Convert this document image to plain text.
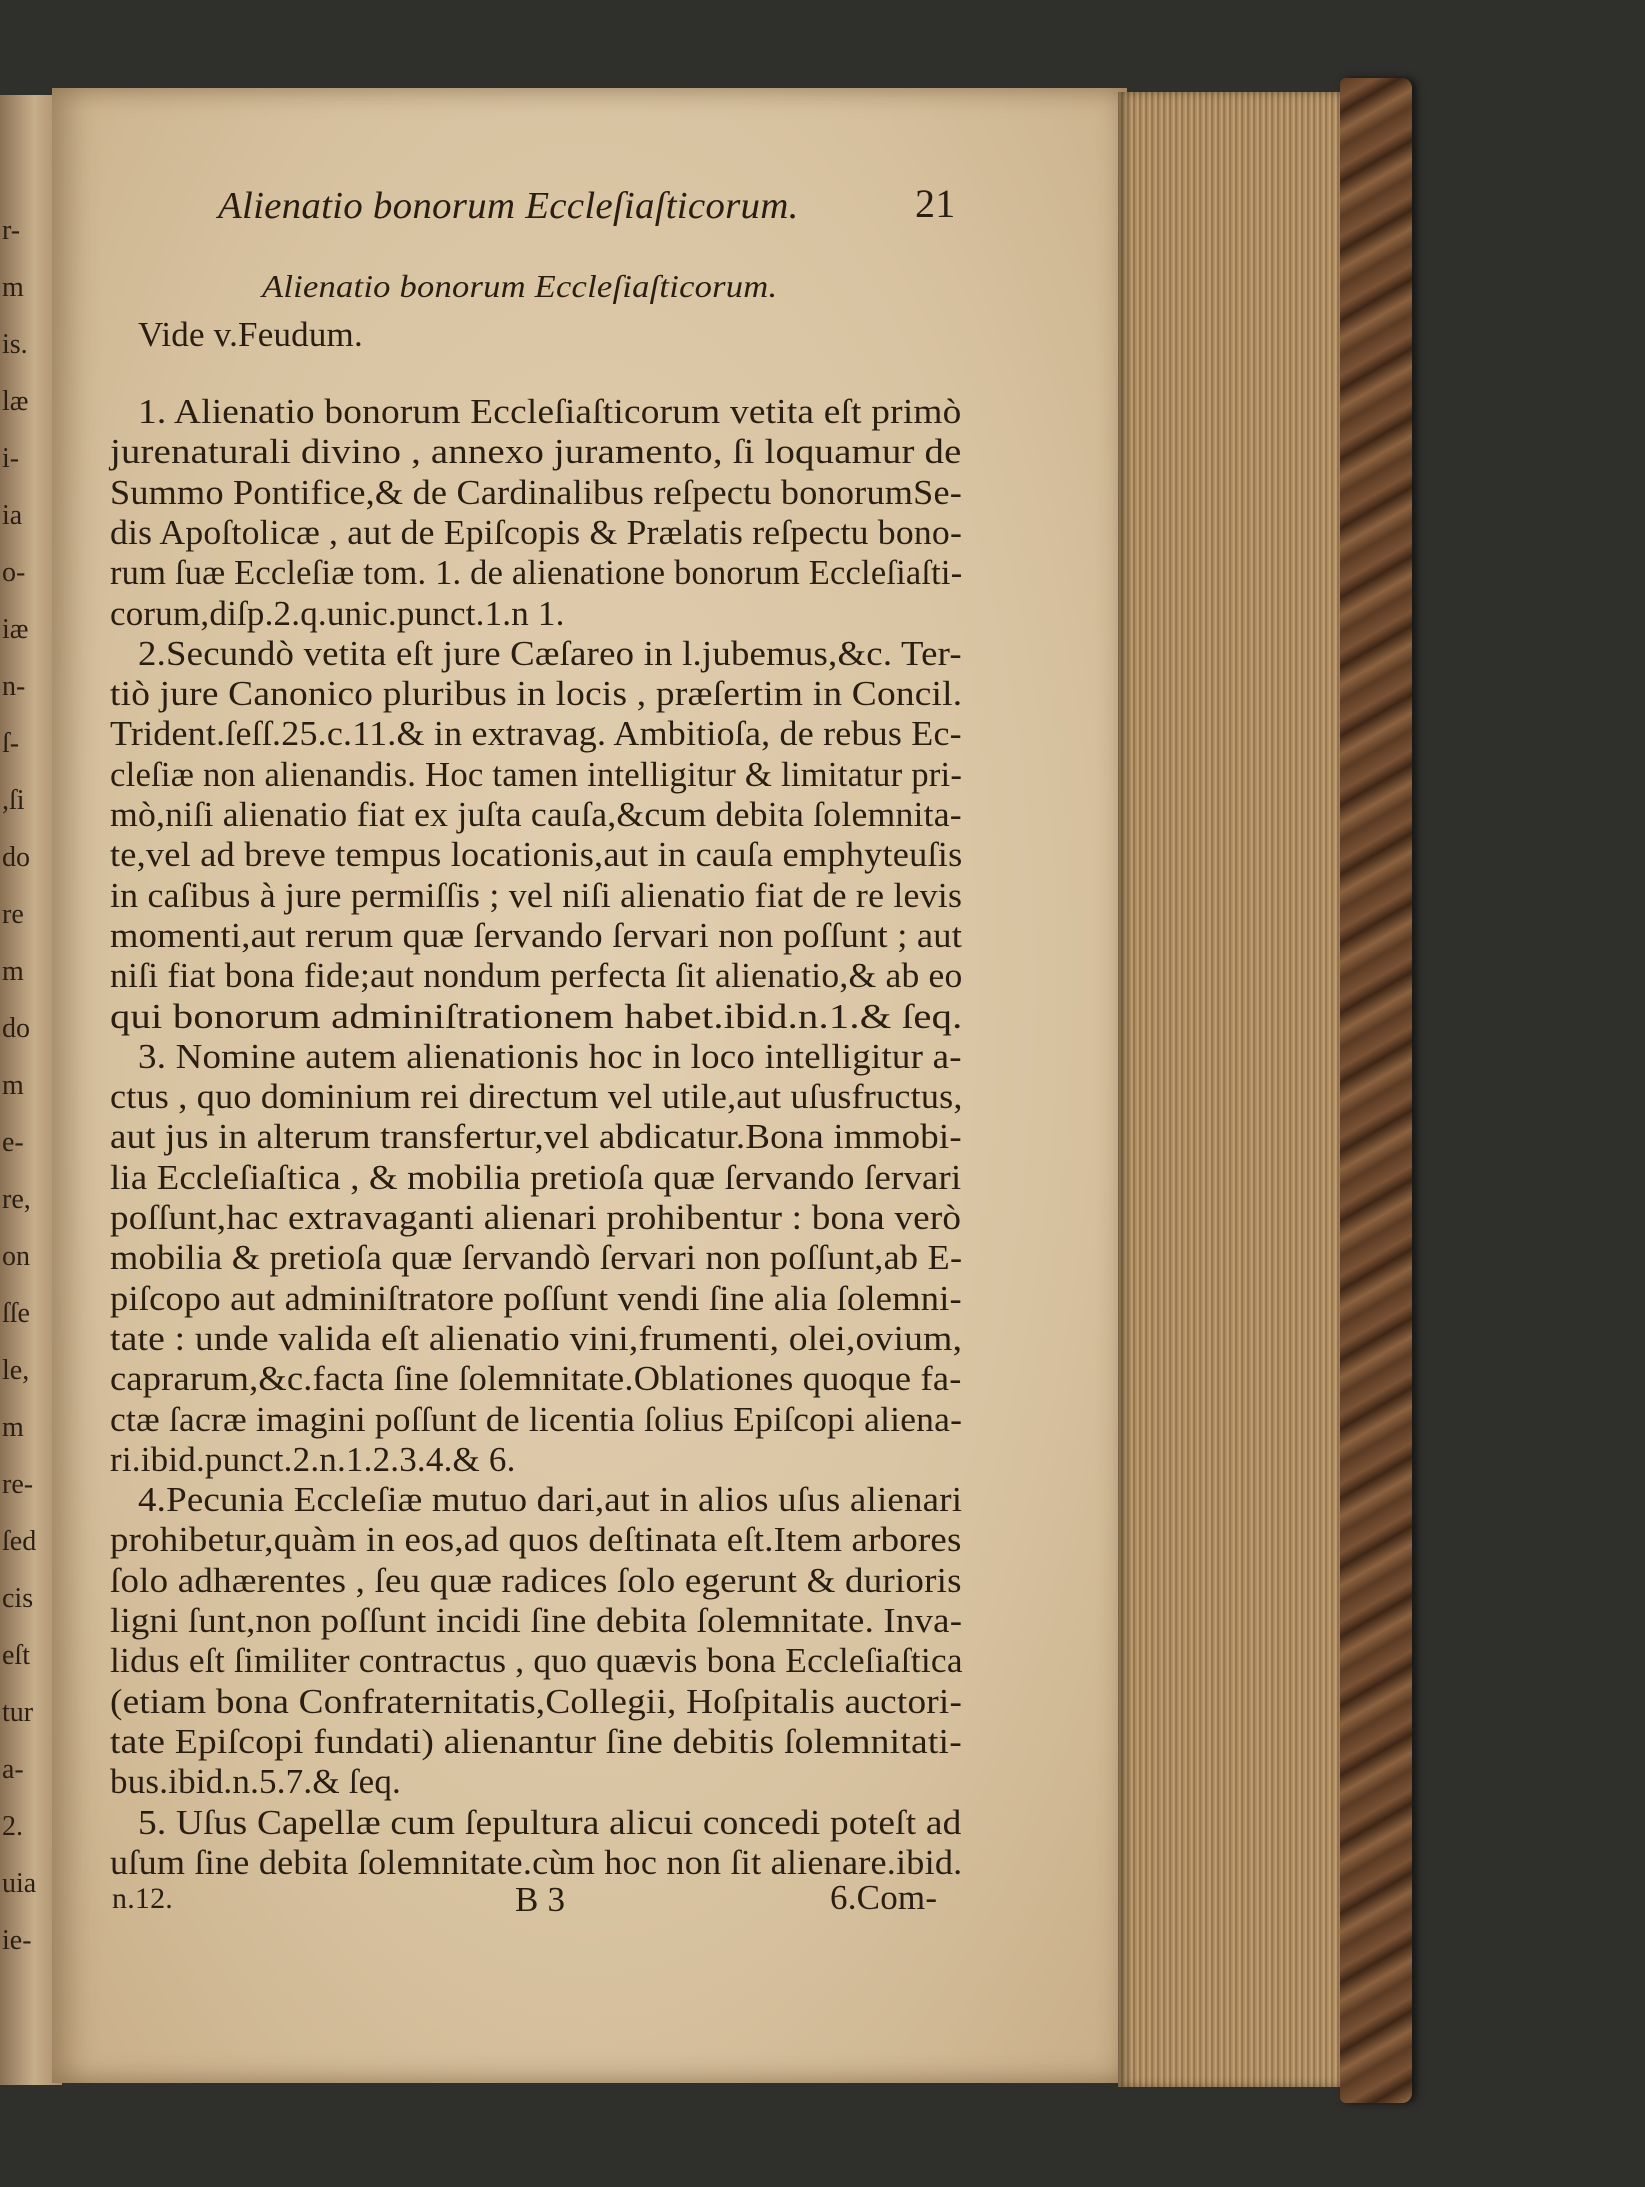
r-
m
is.
læ
i-
ia
o-
iæ
n-
ſ-
,ſi
do
re
m
do
m
e-
re,
on
ſſe
le,
m
re-
ſed
cis
eſt
tur
a-
2.
uia
ie-
Alienatio bonorum Eccleſiaſticorum.	21
Alienatio bonorum Eccleſiaſticorum.
Vide v.Feudum.
1. Alienatio bonorum Eccleſiaſticorum vetita eſt primò
jurenaturali divino , annexo juramento, ſi loquamur de
Summo Pontifice,& de Cardinalibus reſpectu bonorumSe-
dis Apoſtolicæ , aut de Epiſcopis & Prælatis reſpectu bono-
rum ſuæ Eccleſiæ tom. 1. de alienatione bonorum Eccleſiaſti-
corum,diſp.2.q.unic.punct.1.n 1.
2.Secundò vetita eſt jure Cæſareo in l.jubemus,&c. Ter-
tiò jure Canonico pluribus in locis , præſertim in Concil.
Trident.ſeſſ.25.c.11.& in extravag. Ambitioſa, de rebus Ec-
cleſiæ non alienandis. Hoc tamen intelligitur & limitatur pri-
mò,niſi alienatio fiat ex juſta cauſa,&cum debita ſolemnita-
te,vel ad breve tempus locationis,aut in cauſa emphyteuſis
in caſibus à jure permiſſis ; vel niſi alienatio fiat de re levis
momenti,aut rerum quæ ſervando ſervari non poſſunt ; aut
niſi fiat bona fide;aut nondum perfecta ſit alienatio,& ab eo
qui bonorum adminiſtrationem habet.ibid.n.1.& ſeq.
3. Nomine autem alienationis hoc in loco intelligitur a-
ctus , quo dominium rei directum vel utile,aut uſusfructus,
aut jus in alterum transfertur,vel abdicatur.Bona immobi-
lia Eccleſiaſtica , & mobilia pretioſa quæ ſervando ſervari
poſſunt,hac extravaganti alienari prohibentur : bona verò
mobilia & pretioſa quæ ſervandò ſervari non poſſunt,ab E-
piſcopo aut adminiſtratore poſſunt vendi ſine alia ſolemni-
tate : unde valida eſt alienatio vini,frumenti, olei,ovium,
caprarum,&c.facta ſine ſolemnitate.Oblationes quoque fa-
ctæ ſacræ imagini poſſunt de licentia ſolius Epiſcopi aliena-
ri.ibid.punct.2.n.1.2.3.4.& 6.
4.Pecunia Eccleſiæ mutuo dari,aut in alios uſus alienari
prohibetur,quàm in eos,ad quos deſtinata eſt.Item arbores
ſolo adhærentes , ſeu quæ radices ſolo egerunt & durioris
ligni ſunt,non poſſunt incidi ſine debita ſolemnitate. Inva-
lidus eſt ſimiliter contractus , quo quævis bona Eccleſiaſtica
(etiam bona Confraternitatis,Collegii, Hoſpitalis auctori-
tate Epiſcopi fundati) alienantur ſine debitis ſolemnitati-
bus.ibid.n.5.7.& ſeq.
5. Uſus Capellæ cum ſepultura alicui concedi poteſt ad
uſum ſine debita ſolemnitate.cùm hoc non ſit alienare.ibid.
n.12.	B 3	6.Com-
